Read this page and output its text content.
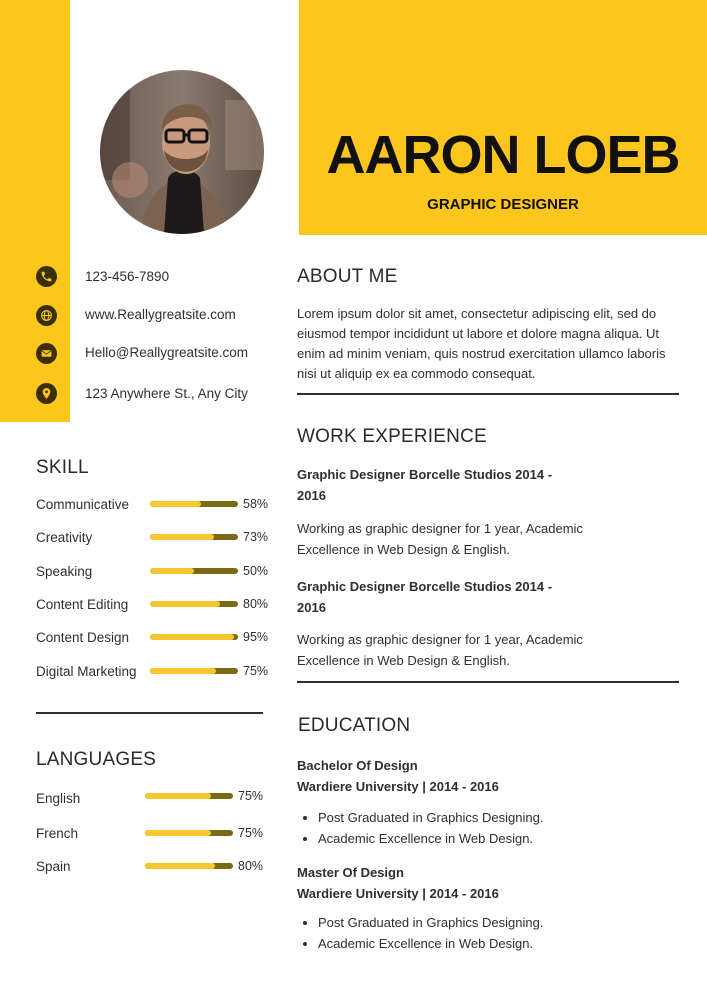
AARON LOEB
GRAPHIC DESIGNER
123-456-7890
www.Reallygreatsite.com
Hello@Reallygreatsite.com
123 Anywhere St., Any City
SKILL
Communicative	58%
Creativity	73%
Speaking	50%
Content Editing	80%
Content Design	95%
Digital Marketing	75%
LANGUAGES
English	75%
French	75%
Spain	80%
ABOUT ME
Lorem ipsum dolor sit amet, consectetur adipiscing elit, sed do eiusmod tempor incididunt ut labore et dolore magna aliqua. Ut enim ad minim veniam, quis nostrud exercitation ullamco laboris nisi ut aliquip ex ea commodo consequat.
WORK EXPERIENCE
Graphic Designer Borcelle Studios 2014 - 2016
Working as graphic designer for 1 year, Academic Excellence in Web Design & English.
Graphic Designer Borcelle Studios 2014 - 2016
Working as graphic designer for 1 year, Academic Excellence in Web Design & English.
EDUCATION
Bachelor Of Design
Wardiere University | 2014 - 2016
• Post Graduated in Graphics Designing.
• Academic Excellence in Web Design.
Master Of Design
Wardiere University | 2014 - 2016
• Post Graduated in Graphics Designing.
• Academic Excellence in Web Design.
